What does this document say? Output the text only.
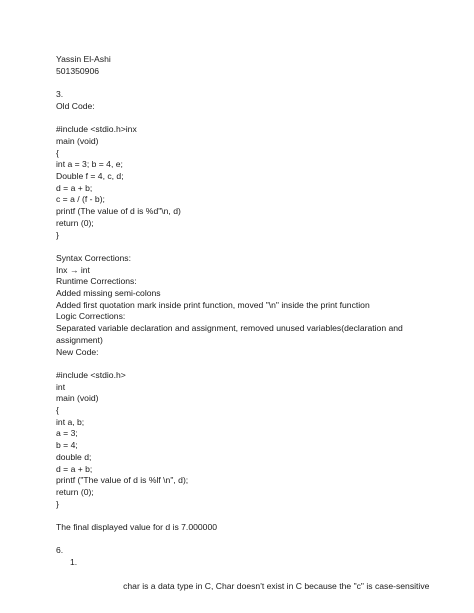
Yassin El-Ashi
501350906
3.
Old Code:
#include <stdio.h>inx
main (void)
{
int a = 3; b = 4, e;
Double f = 4, c, d;
d = a + b;
c = a / (f - b);
printf (The value of d is %d"\n, d)
return (0);
}
Syntax Corrections:
Inx → int
Runtime Corrections:
Added missing semi-colons
Added first quotation mark inside print function, moved "\n" inside the print function
Logic Corrections:
Separated variable declaration and assignment, removed unused variables(declaration and assignment)
New Code:
#include <stdio.h>
int
main (void)
{
int a, b;
a = 3;
b = 4;
double d;
d = a + b;
printf ("The value of d is %lf \n", d);
return (0);
}
The final displayed value for d is 7.000000
6.

1.

char is a data type in C, Char doesn't exist in C because the "c" is case-sensitive
